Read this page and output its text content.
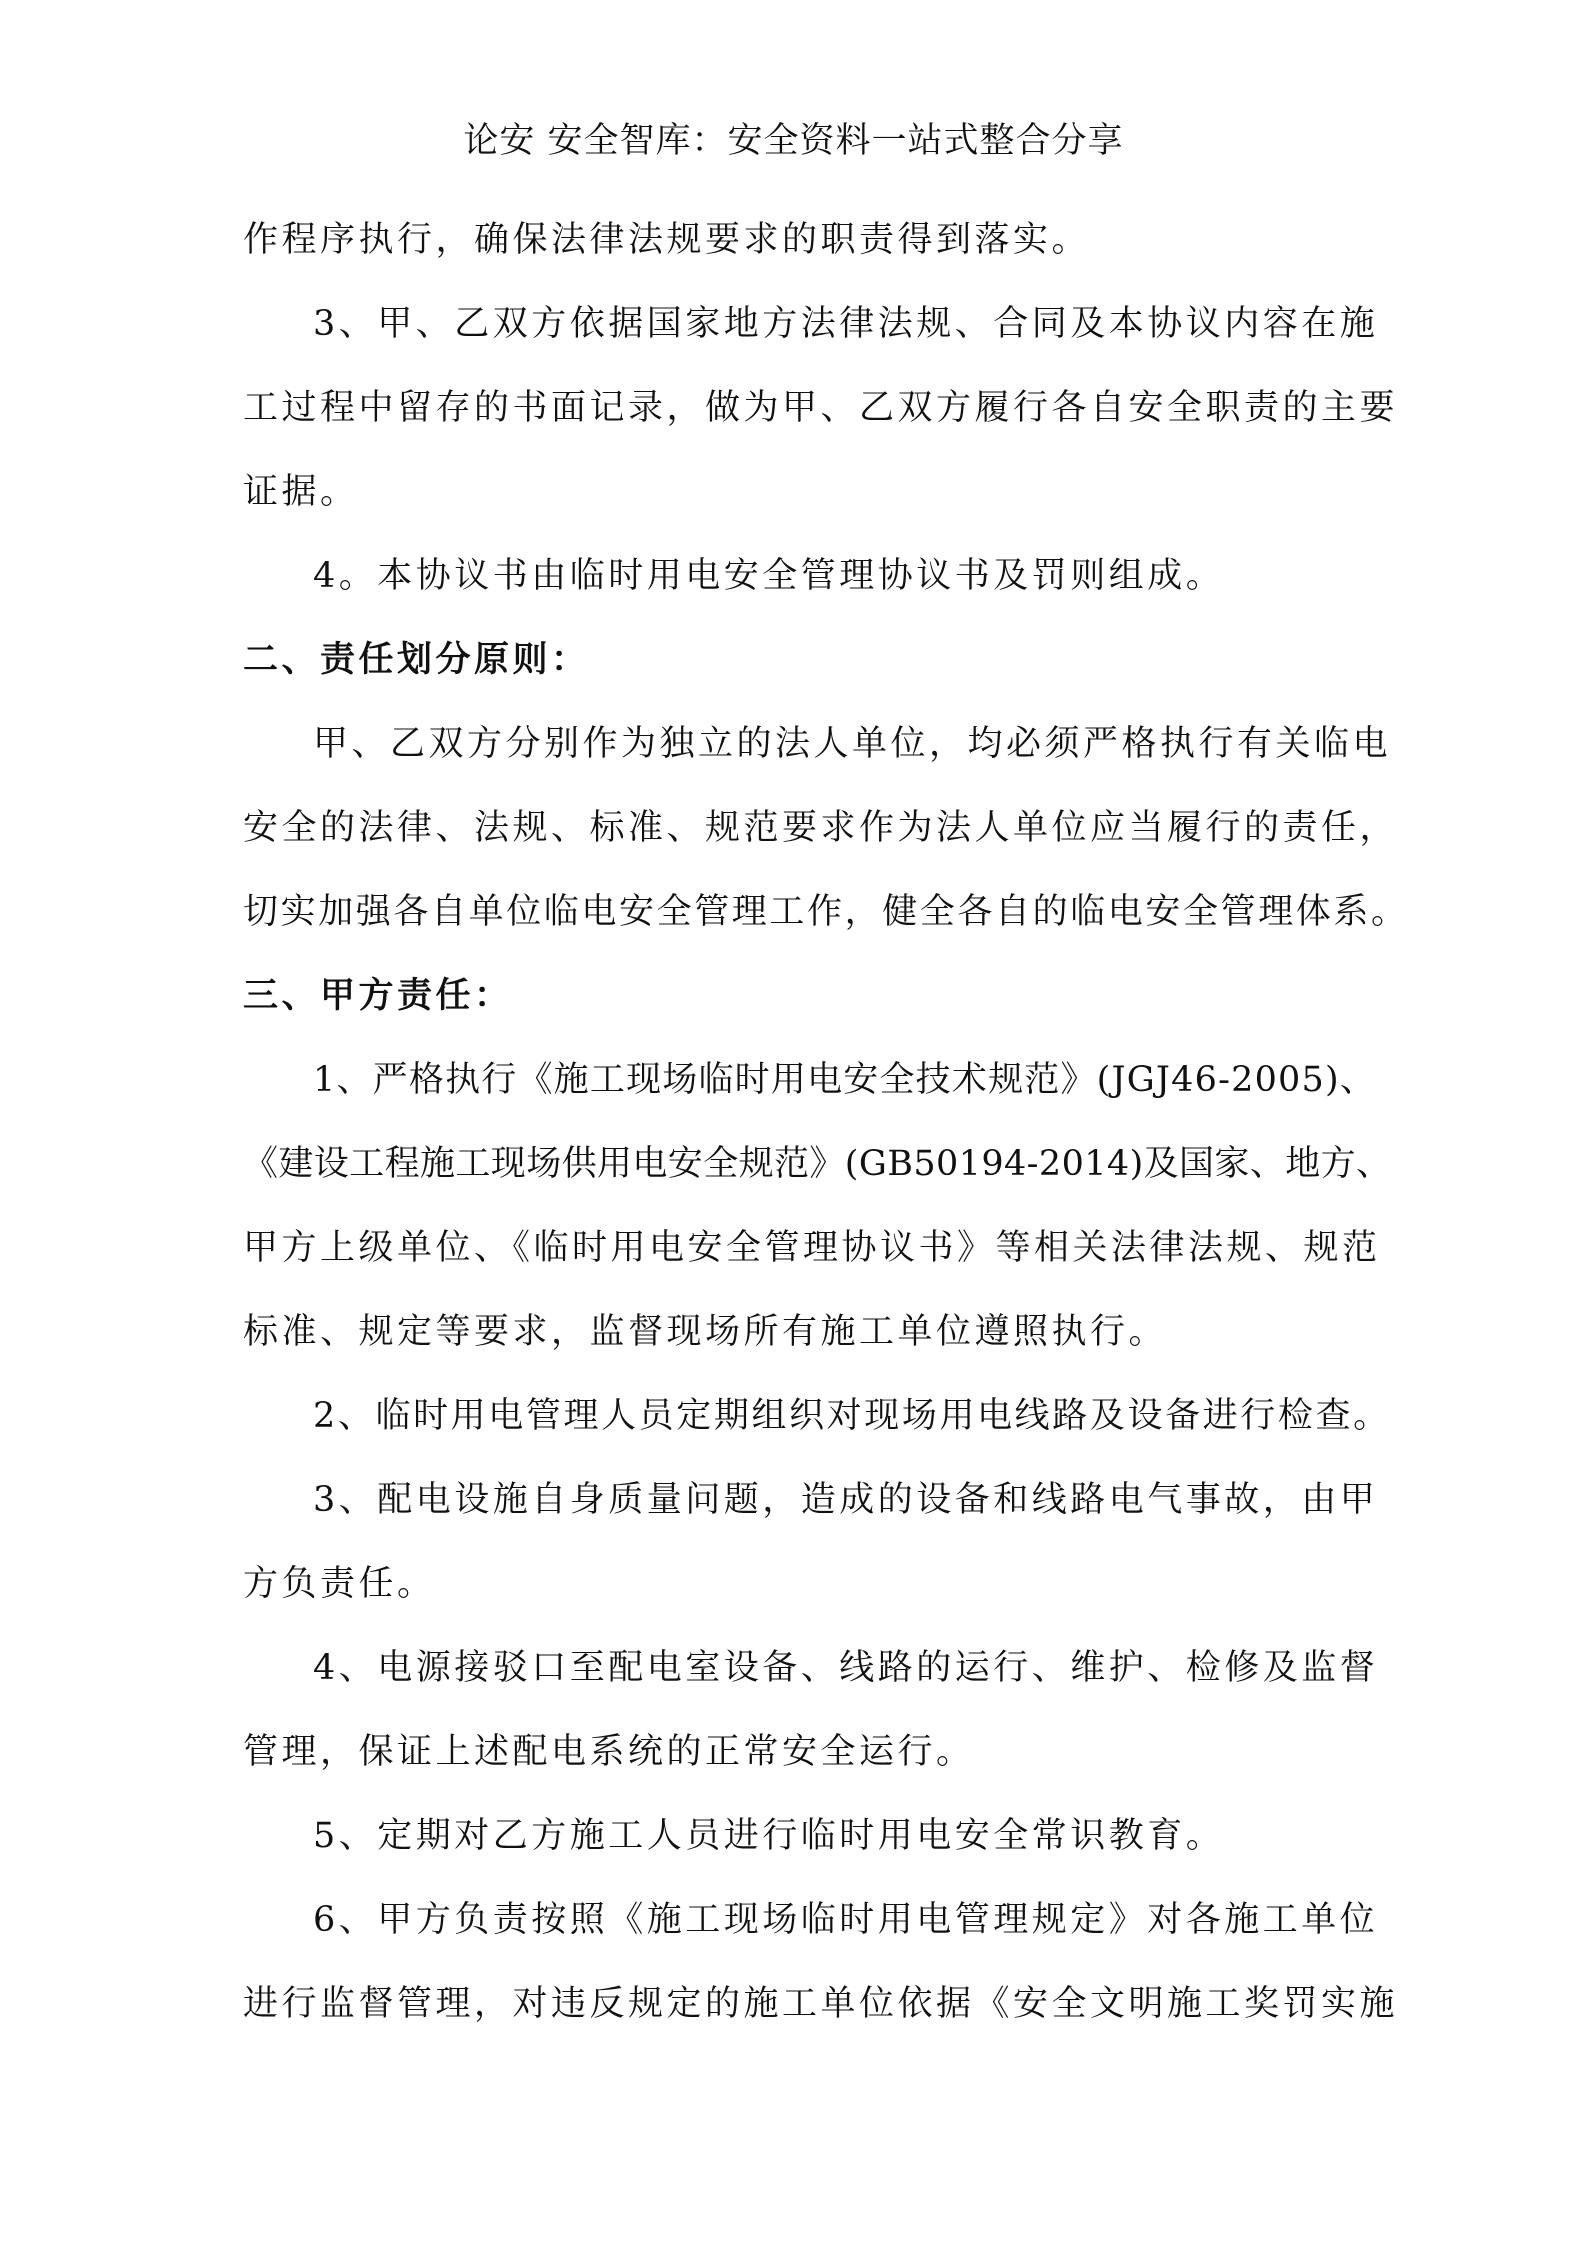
论安 安全智库：安全资料一站式整合分享
作程序执行，确保法律法规要求的职责得到落实。
3、甲、乙双方依据国家地方法律法规、合同及本协议内容在施
工过程中留存的书面记录，做为甲、乙双方履行各自安全职责的主要
证据。
4。本协议书由临时用电安全管理协议书及罚则组成。
二、责任划分原则：
甲、乙双方分别作为独立的法人单位，均必须严格执行有关临电
安全的法律、法规、标准、规范要求作为法人单位应当履行的责任，
切实加强各自单位临电安全管理工作，健全各自的临电安全管理体系。
三、甲方责任：
1、严格执行《施工现场临时用电安全技术规范》(JGJ46-2005)、
《建设工程施工现场供用电安全规范》(GB50194-2014)及国家、地方、
甲方上级单位、《临时用电安全管理协议书》等相关法律法规、规范
标准、规定等要求，监督现场所有施工单位遵照执行。
2、临时用电管理人员定期组织对现场用电线路及设备进行检查。
3、配电设施自身质量问题，造成的设备和线路电气事故，由甲
方负责任。
4、电源接驳口至配电室设备、线路的运行、维护、检修及监督
管理，保证上述配电系统的正常安全运行。
5、定期对乙方施工人员进行临时用电安全常识教育。
6、甲方负责按照《施工现场临时用电管理规定》对各施工单位
进行监督管理，对违反规定的施工单位依据《安全文明施工奖罚实施
